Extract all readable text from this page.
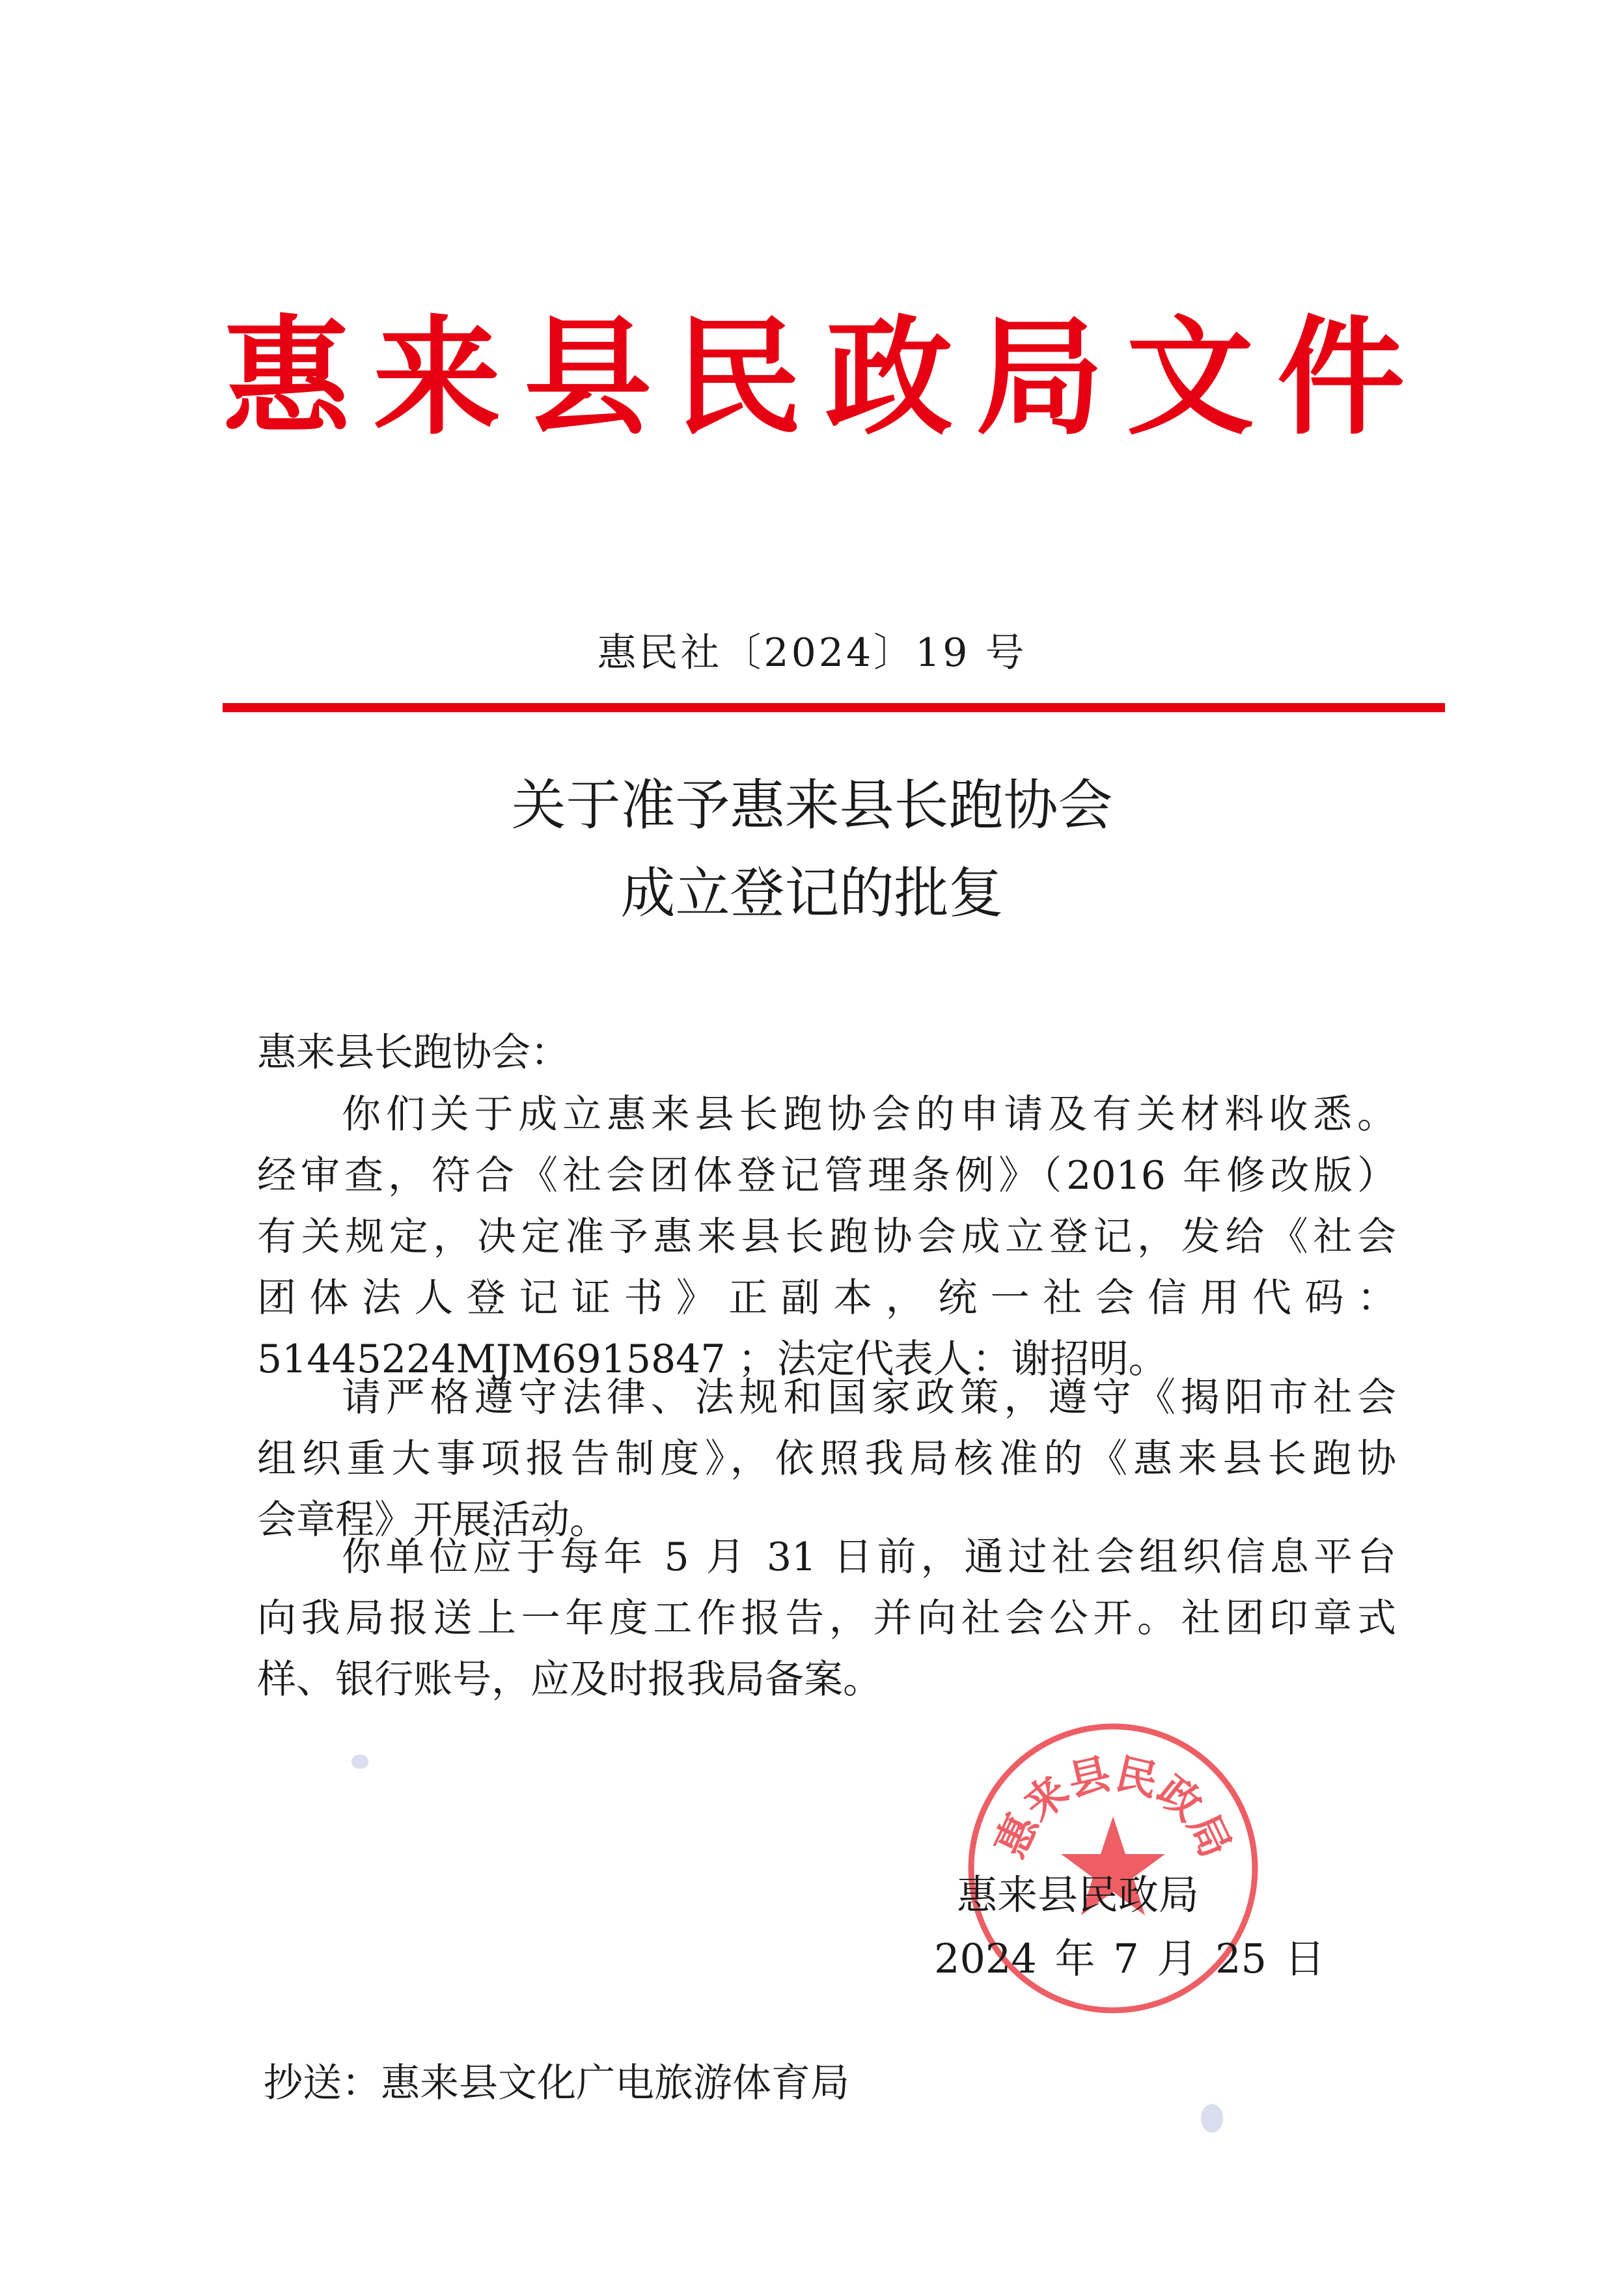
惠 来 县 民 政 局 文 件
惠民社〔2024〕19 号
关于准予惠来县长跑协会
成立登记的批复
惠来县长跑协会：
你们关于成立惠来县长跑协会的申请及有关材料收悉。
经审查，符合《社会团体登记管理条例》（2016 年修改版）
有关规定，决定准予惠来县长跑协会成立登记，发给《社会
团体法人登记证书》正副本，统一社会信用代码：
51445224MJM6915847 ；法定代表人：谢招明。
请严格遵守法律、法规和国家政策，遵守《揭阳市社会
组织重大事项报告制度》，依照我局核准的《惠来县长跑协
会章程》开展活动。
你单位应于每年 5 月 31 日前，通过社会组织信息平台
向我局报送上一年度工作报告，并向社会公开。社团印章式
样、银行账号，应及时报我局备案。
惠来县民政局
惠来县民政局
2024 年 7 月 25 日
抄送：惠来县文化广电旅游体育局
